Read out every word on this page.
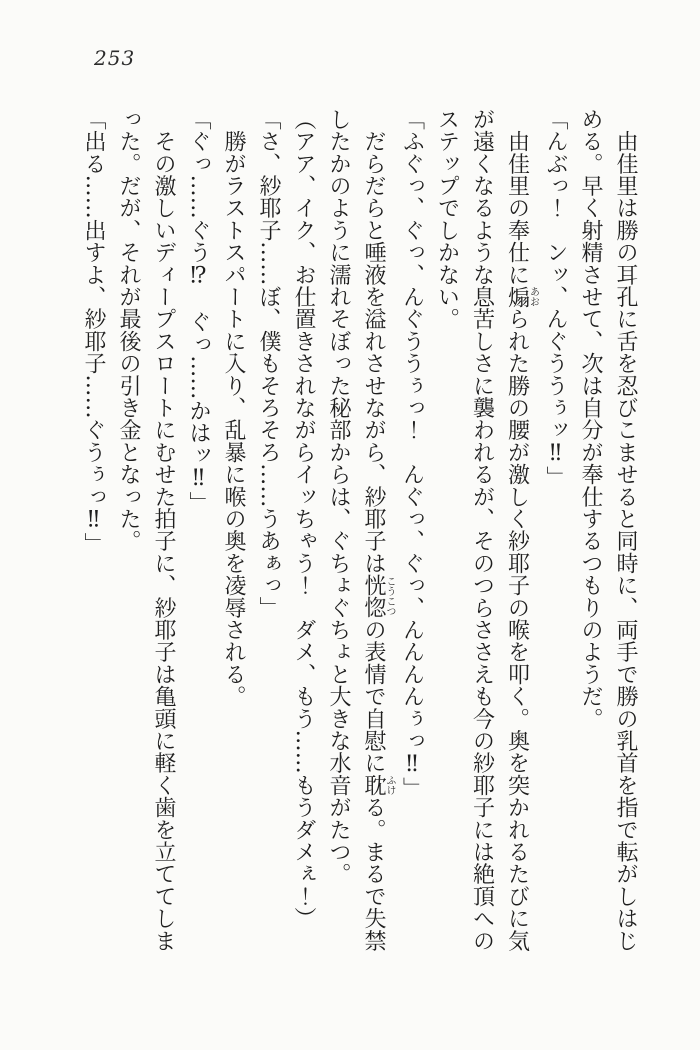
253

　由佳里は勝の耳孔に舌を忍びこませると同時に、両手で勝の乳首を指で転がしはじ

める。早く射精させて、次は自分が奉仕するつもりのようだ。

「んぶっ！　ンッ、んぐううぅッ‼」

　由佳里の奉仕に煽あおられた勝の腰が激しく紗耶子の喉を叩く。奥を突かれるたびに気

が遠くなるような息苦しさに襲われるが、そのつらささえも今の紗耶子には絶頂への

ステップでしかない。

「ふぐっ、ぐっ、んぐううぅっ！　んぐっ、ぐっ、んんんんぅっ‼」

　だらだらと唾液を溢れさせながら、紗耶子は恍惚こうこつの表情で自慰に耽ふける。まるで失禁

したかのように濡れそぼった秘部からは、ぐちょぐちょと大きな水音がたつ。

（アア、イク、お仕置きされながらイッちゃう！　ダメ、もう……もうダメぇ！）

「さ、紗耶子……ぼ、僕もそろそろ……うあぁっ」

　勝がラストスパートに入り、乱暴に喉の奥を凌辱される。

「ぐっ……ぐう⁉　ぐっ……かはッ‼」

　その激しいディープスロートにむせた拍子に、紗耶子は亀頭に軽く歯を立ててしま

った。だが、それが最後の引き金となった。

「出る……出すよ、紗耶子……ぐうぅっ‼」
